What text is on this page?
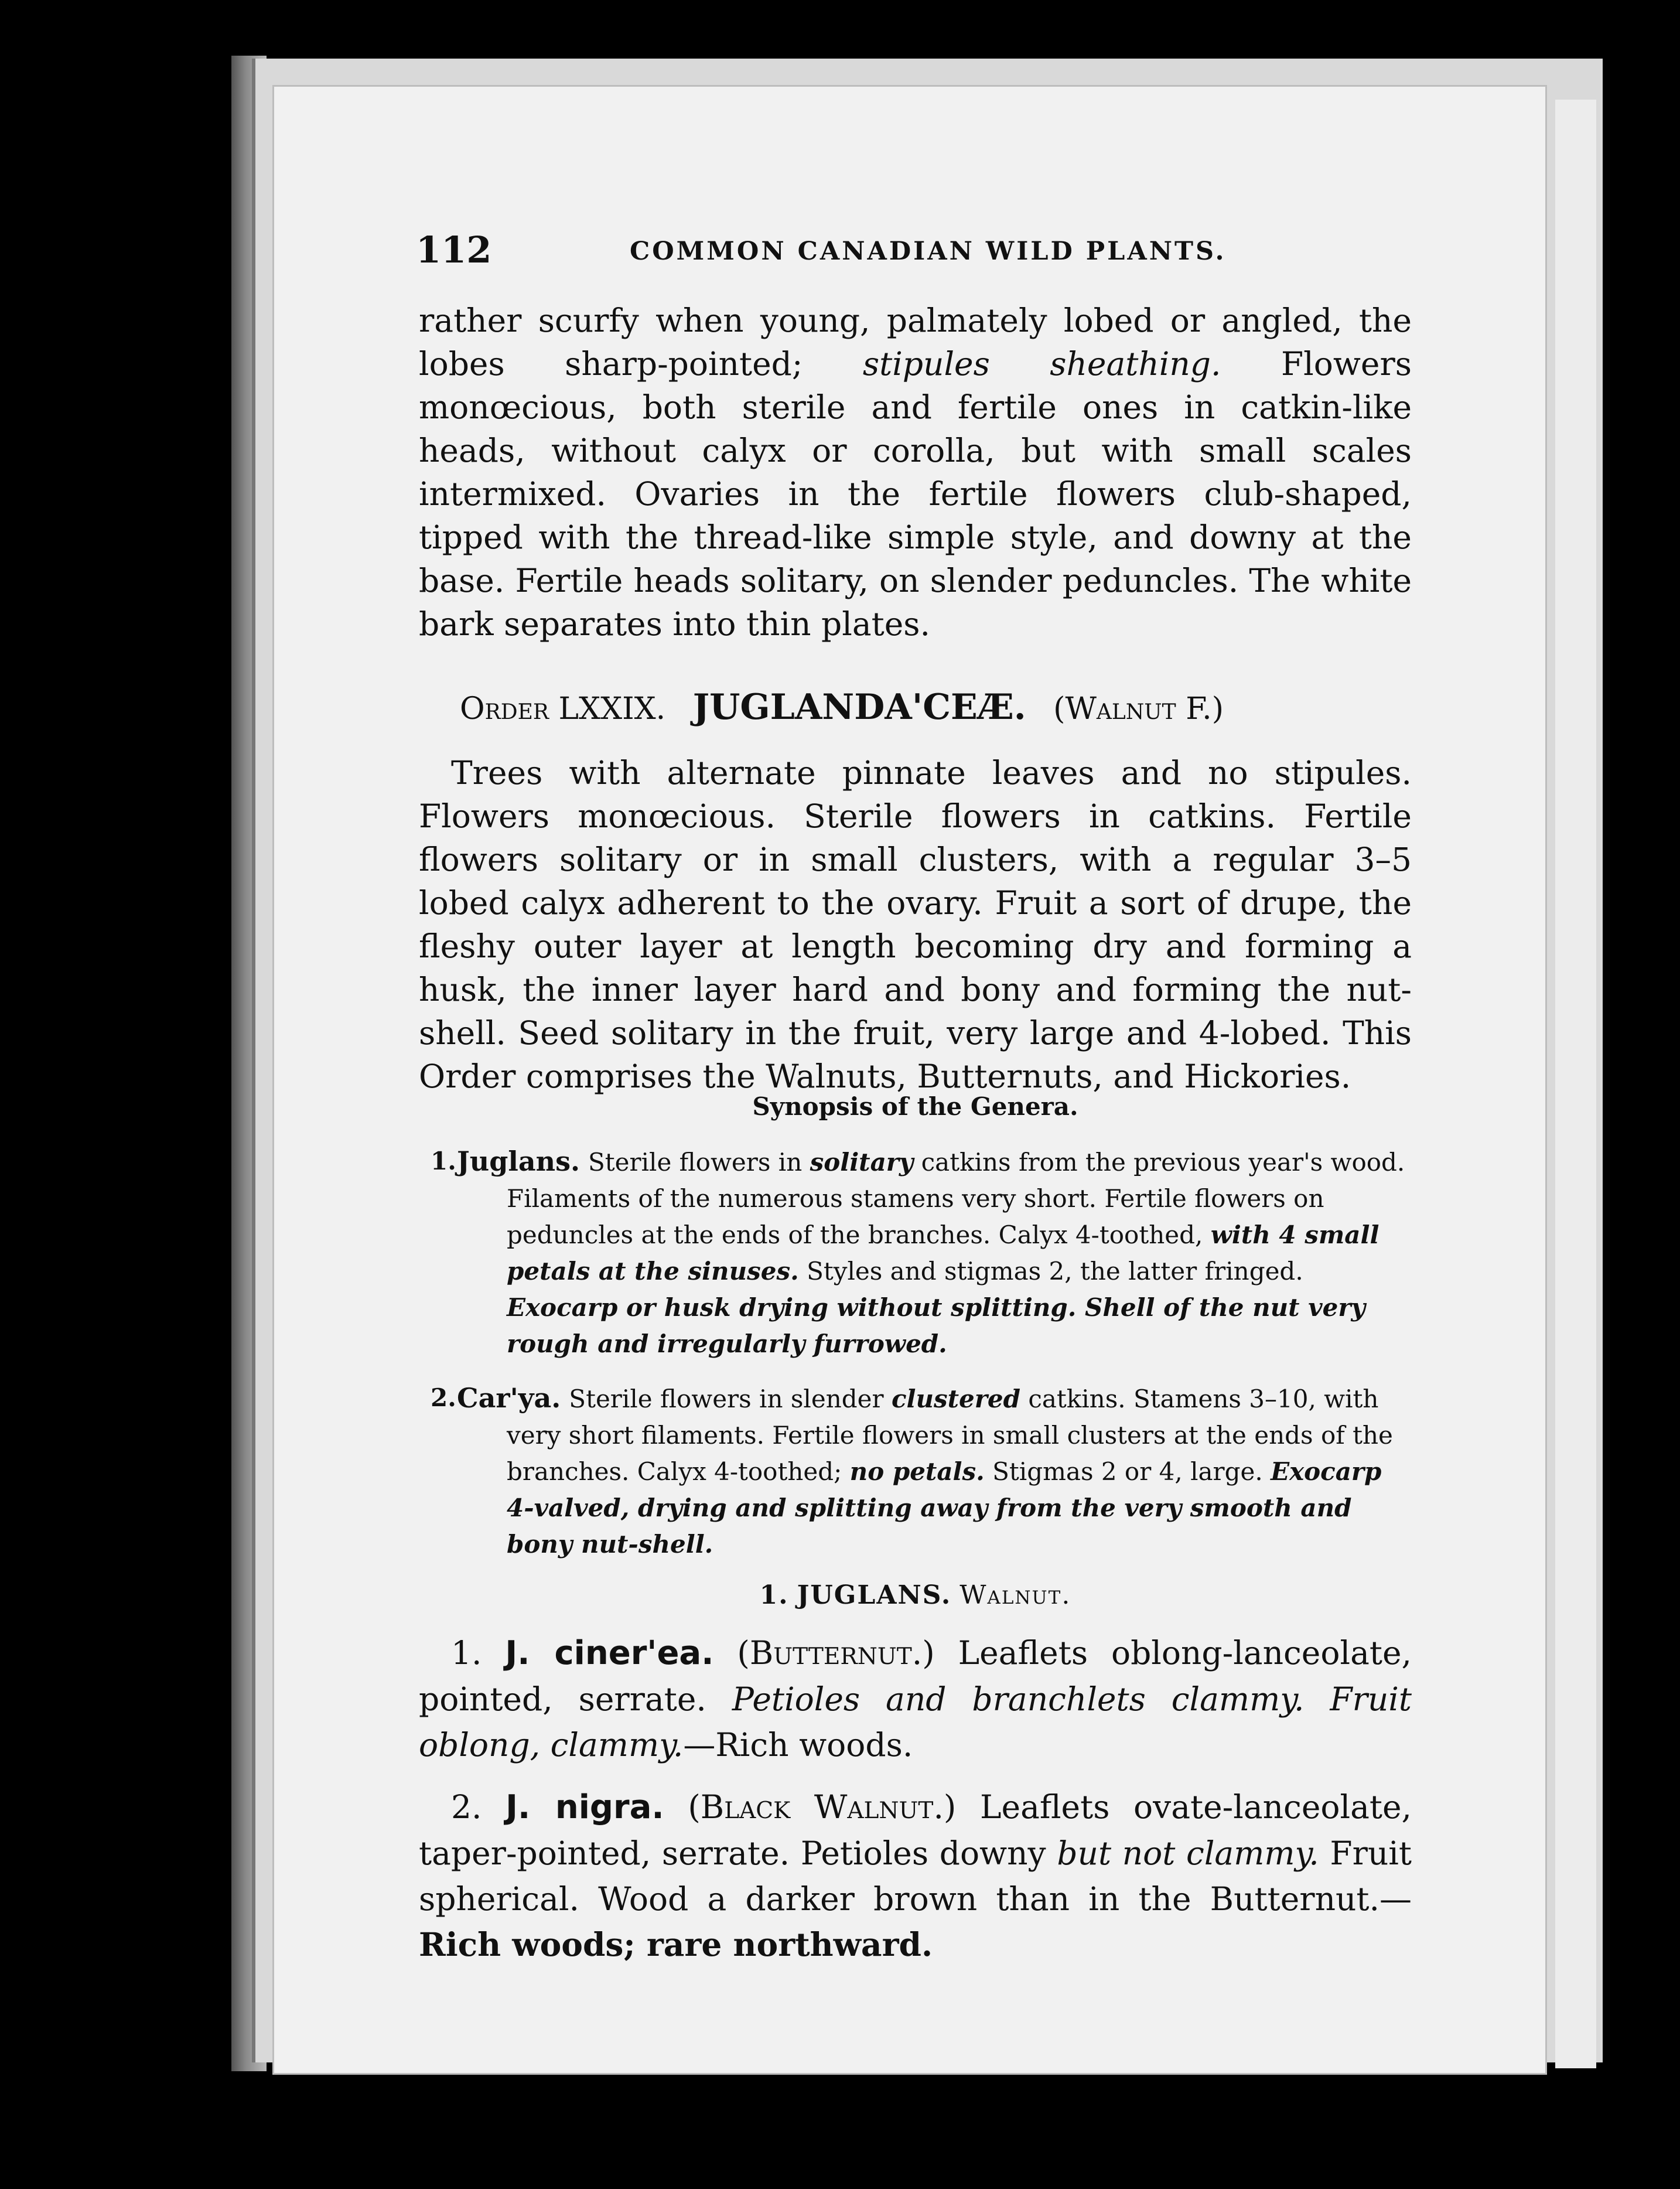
112	COMMON CANADIAN WILD PLANTS.

rather scurfy when young, palmately lobed or angled, the lobes sharp-pointed; stipules sheathing. Flowers monœcious, both sterile and fertile ones in catkin-like heads, without calyx or corolla, but with small scales intermixed. Ovaries in the fertile flowers club-shaped, tipped with the thread-like simple style, and downy at the base. Fertile heads solitary, on slender peduncles. The white bark separates into thin plates.

Order LXXIX. JUGLANDA'CEÆ. (Walnut F.)

Trees with alternate pinnate leaves and no stipules. Flowers monœcious. Sterile flowers in catkins. Fertile flowers solitary or in small clusters, with a regular 3–5 lobed calyx adherent to the ovary. Fruit a sort of drupe, the fleshy outer layer at length becoming dry and forming a husk, the inner layer hard and bony and forming the nut-shell. Seed solitary in the fruit, very large and 4-lobed. This Order comprises the Walnuts, Butternuts, and Hickories.

Synopsis of the Genera.
1. Juglans. Sterile flowers in solitary catkins from the previous year's wood. Filaments of the numerous stamens very short. Fertile flowers on peduncles at the ends of the branches. Calyx 4-toothed, with 4 small petals at the sinuses. Styles and stigmas 2, the latter fringed. Exocarp or husk drying without splitting. Shell of the nut very rough and irregularly furrowed.
2. Car'ya. Sterile flowers in slender clustered catkins. Stamens 3–10, with very short filaments. Fertile flowers in small clusters at the ends of the branches. Calyx 4-toothed; no petals. Stigmas 2 or 4, large. Exocarp 4-valved, drying and splitting away from the very smooth and bony nut-shell.
1. JUGLANS. Walnut.

1. J. ciner'ea. (Butternut.) Leaflets oblong-lanceolate, pointed, serrate. Petioles and branchlets clammy. Fruit oblong, clammy.—Rich woods.

2. J. nigra. (Black Walnut.) Leaflets ovate-lanceolate, taper-pointed, serrate. Petioles downy but not clammy. Fruit spherical. Wood a darker brown than in the Butternut.—Rich woods; rare northward.
